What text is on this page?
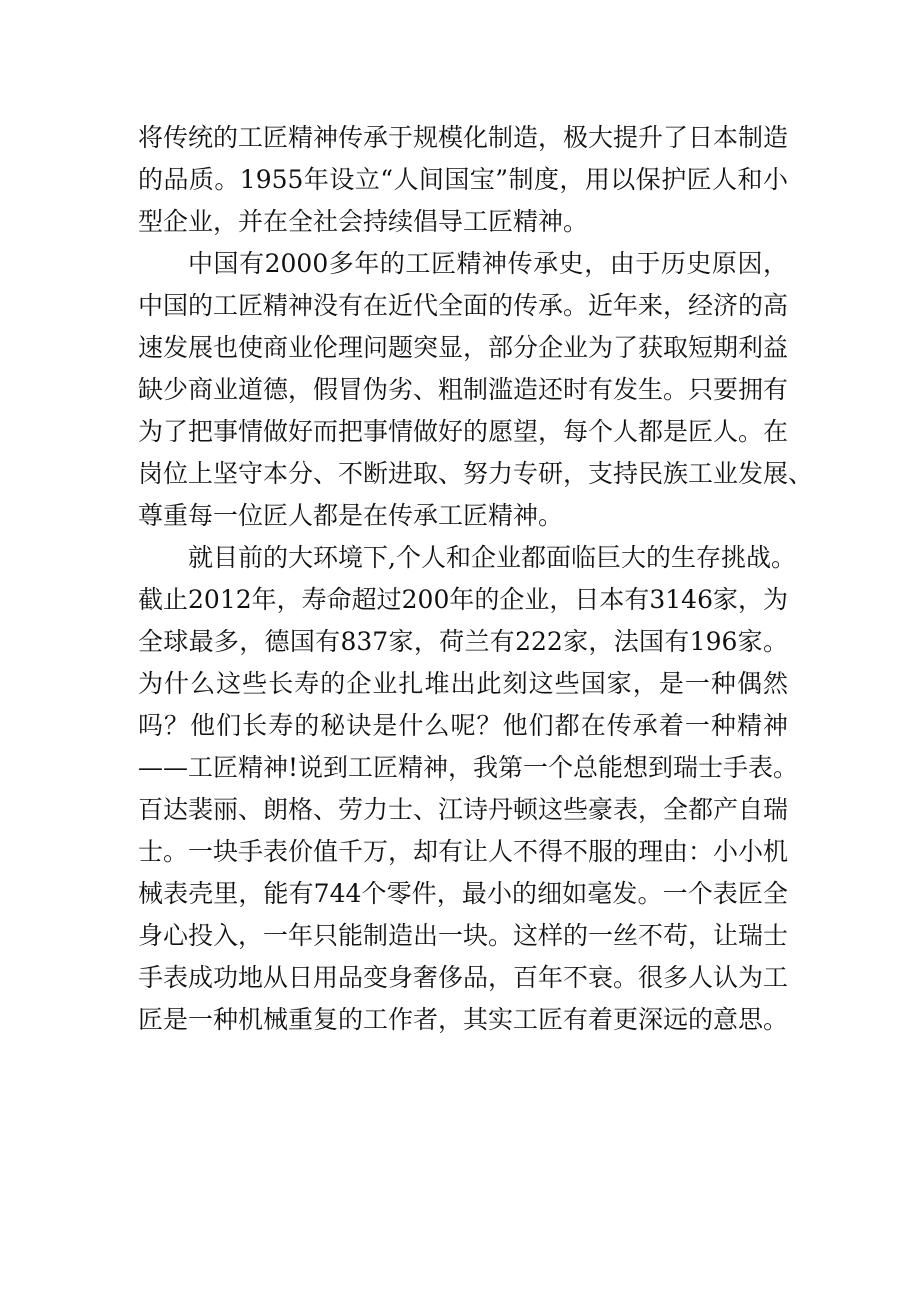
将传统的工匠精神传承于规模化制造，极大提升了日本制造
的品质。1955年设立“人间国宝”制度，用以保护匠人和小
型企业，并在全社会持续倡导工匠精神。
中国有2000多年的工匠精神传承史，由于历史原因，
中国的工匠精神没有在近代全面的传承。近年来，经济的高
速发展也使商业伦理问题突显，部分企业为了获取短期利益
缺少商业道德，假冒伪劣、粗制滥造还时有发生。只要拥有
为了把事情做好而把事情做好的愿望，每个人都是匠人。在
岗位上坚守本分、不断进取、努力专研，支持民族工业发展、
尊重每一位匠人都是在传承工匠精神。
就目前的大环境下,个人和企业都面临巨大的生存挑战。
截止2012年，寿命超过200年的企业，日本有3146家，为
全球最多，德国有837家，荷兰有222家，法国有196家。
为什么这些长寿的企业扎堆出此刻这些国家，是一种偶然
吗？他们长寿的秘诀是什么呢？他们都在传承着一种精神
——工匠精神!说到工匠精神，我第一个总能想到瑞士手表。
百达裴丽、朗格、劳力士、江诗丹顿这些豪表，全都产自瑞
士。一块手表价值千万，却有让人不得不服的理由：小小机
械表壳里，能有744个零件，最小的细如毫发。一个表匠全
身心投入，一年只能制造出一块。这样的一丝不苟，让瑞士
手表成功地从日用品变身奢侈品，百年不衰。很多人认为工
匠是一种机械重复的工作者，其实工匠有着更深远的意思。
